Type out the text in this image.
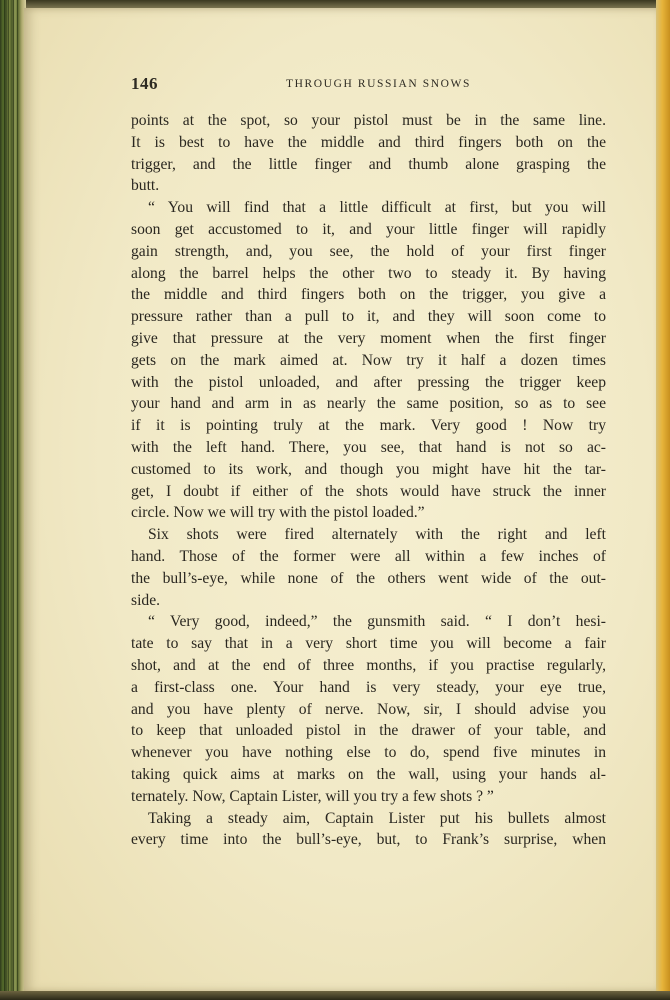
146	THROUGH RUSSIAN SNOWS
points at the spot, so your pistol must be in the same line.
It is best to have the middle and third fingers both on the
trigger, and the little finger and thumb alone grasping the
butt.
“ You will find that a little difficult at first, but you will
soon get accustomed to it, and your little finger will rapidly
gain strength, and, you see, the hold of your first finger
along the barrel helps the other two to steady it. By having
the middle and third fingers both on the trigger, you give a
pressure rather than a pull to it, and they will soon come to
give that pressure at the very moment when the first finger
gets on the mark aimed at. Now try it half a dozen times
with the pistol unloaded, and after pressing the trigger keep
your hand and arm in as nearly the same position, so as to see
if it is pointing truly at the mark. Very good ! Now try
with the left hand. There, you see, that hand is not so ac-
customed to its work, and though you might have hit the tar-
get, I doubt if either of the shots would have struck the inner
circle. Now we will try with the pistol loaded.”
Six shots were fired alternately with the right and left
hand. Those of the former were all within a few inches of
the bull’s-eye, while none of the others went wide of the out-
side.
“ Very good, indeed,” the gunsmith said. “ I don’t hesi-
tate to say that in a very short time you will become a fair
shot, and at the end of three months, if you practise regularly,
a first-class one. Your hand is very steady, your eye true,
and you have plenty of nerve. Now, sir, I should advise you
to keep that unloaded pistol in the drawer of your table, and
whenever you have nothing else to do, spend five minutes in
taking quick aims at marks on the wall, using your hands al-
ternately. Now, Captain Lister, will you try a few shots ? ”
Taking a steady aim, Captain Lister put his bullets almost
every time into the bull’s-eye, but, to Frank’s surprise, when
